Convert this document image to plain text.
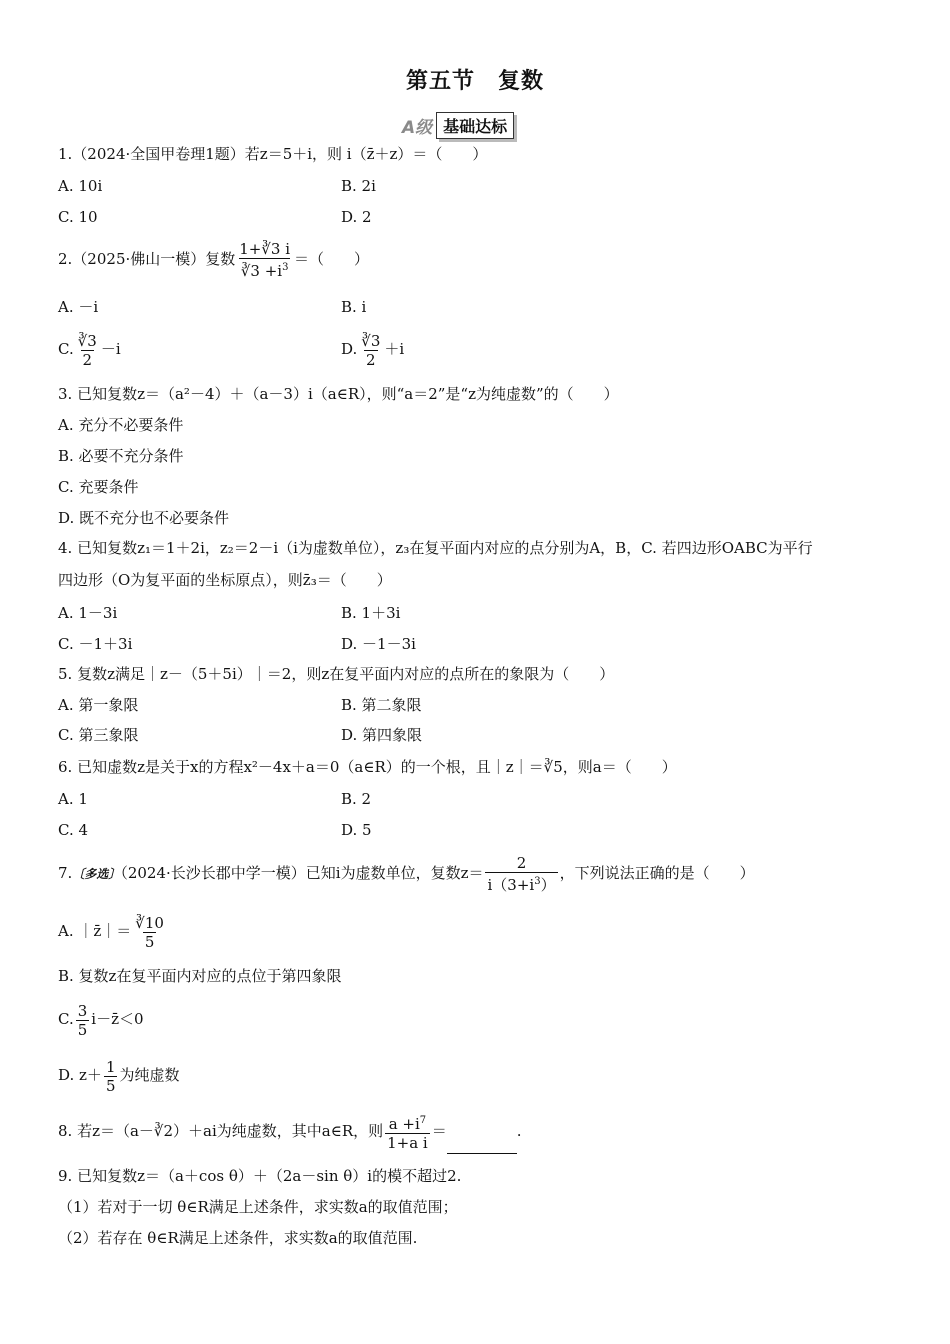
第五节　复数
A级 基础达标
1.（2024·全国甲卷理1题）若z＝5＋i，则 i（z̄＋z）＝（　　）
A. 10i	B. 2i
C. 10	D. 2
2.（2025·佛山一模）复数 $\frac{1+∛3 i}{∛3 +i^3}$ ＝（　　）
A. －i	B. i
C. $\frac{∛3}{2} -i$	D. $\frac{∛3}{2} +i$
3. 已知复数z＝（a²－4）＋（a－3）i（a∈R），则“a＝2”是“z为纯虚数”的（　　）
A. 充分不必要条件
B. 必要不充分条件
C. 充要条件
D. 既不充分也不必要条件
4. 已知复数z₁＝1＋2i，z₂＝2－i（i为虚数单位），z₃在复平面内对应的点分别为A，B，C. 若四边形OABC为平行
四边形（O为复平面的坐标原点），则z̄₃＝（　　）
A. 1－3i	B. 1＋3i
C. －1＋3i	D. －1－3i
5. 复数z满足｜z－（5＋5i）｜＝2，则z在复平面内对应的点所在的象限为（　　）
A. 第一象限	B. 第二象限
C. 第三象限	D. 第四象限
6. 已知虚数z是关于x的方程x²－4x＋a＝0（a∈R）的一个根，且｜z｜＝∛5，则a＝（　　）
A. 1	B. 2
C. 4	D. 5
7.〔多选〕（2024·长沙长郡中学一模）已知i为虚数单位，复数$z= \frac{2}{i(3+i^3)}$ ，下列说法正确的是（　　）
A. ｜z̄｜＝ $\frac{∛10}{5}$
B. 复数z在复平面内对应的点位于第四象限
C. $\frac{3}{5}$ i－z̄＜0
D. $z+ \frac{1}{5}$ 为纯虚数
8. 若z＝（a－∛2）＋ai为纯虚数，其中a∈R，则 $\frac{a +i^7}{\text{1+a i}}$ ＝	.
9. 已知复数z＝（a＋cos θ）＋（2a－sin θ）i的模不超过2.
（1）若对于一切 θ∈R满足上述条件，求实数a的取值范围；
（2）若存在 θ∈R满足上述条件，求实数a的取值范围.
